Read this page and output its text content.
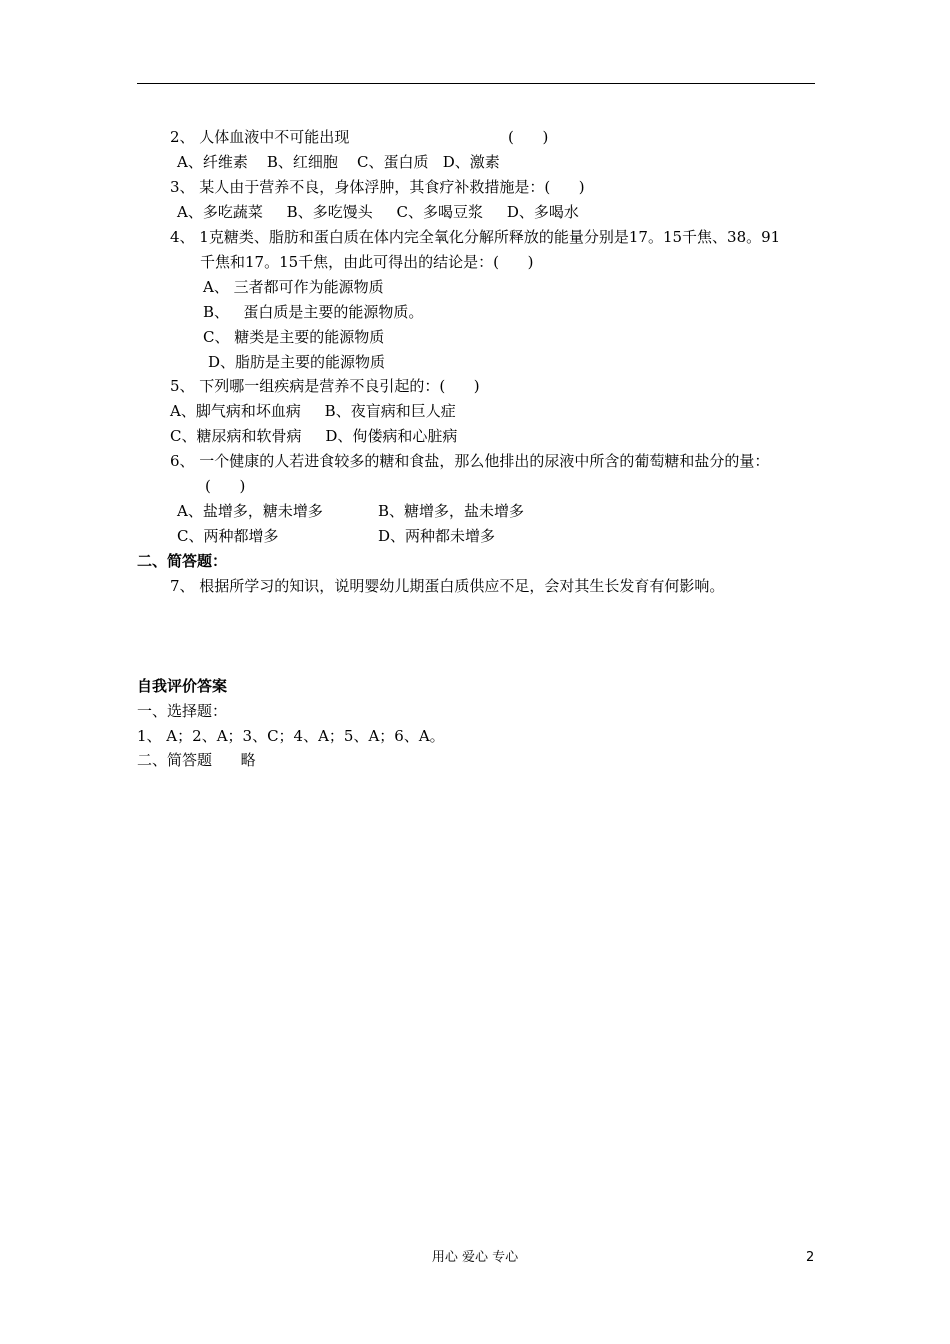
2、 人体血液中不可能出现	(      )
A、纤维素    B、红细胞    C、蛋白质   D、激素
3、 某人由于营养不良，身体浮肿，其食疗补救措施是：(      )
A、多吃蔬菜     B、多吃馒头     C、多喝豆浆     D、多喝水
4、 1克糖类、脂肪和蛋白质在体内完全氧化分解所释放的能量分别是17。15千焦、38。91
千焦和17。15千焦，由此可得出的结论是：(      )
A、 三者都可作为能源物质
B、   蛋白质是主要的能源物质。
C、 糖类是主要的能源物质
D、脂肪是主要的能源物质
5、 下列哪一组疾病是营养不良引起的：(      )
A、脚气病和坏血病     B、夜盲病和巨人症
C、糖尿病和软骨病     D、佝偻病和心脏病
6、 一个健康的人若进食较多的糖和食盐，那么他排出的尿液中所含的葡萄糖和盐分的量：
(      )
A、盐增多，糖未增多	B、糖增多，盐未增多
C、两种都增多	D、两种都未增多
二、简答题：
7、 根据所学习的知识，说明婴幼儿期蛋白质供应不足，会对其生长发育有何影响。
自我评价答案
一、选择题：
1、 A；2、A；3、C；4、A；5、A；6、A。
二、简答题      略
用心 爱心 专心	2
